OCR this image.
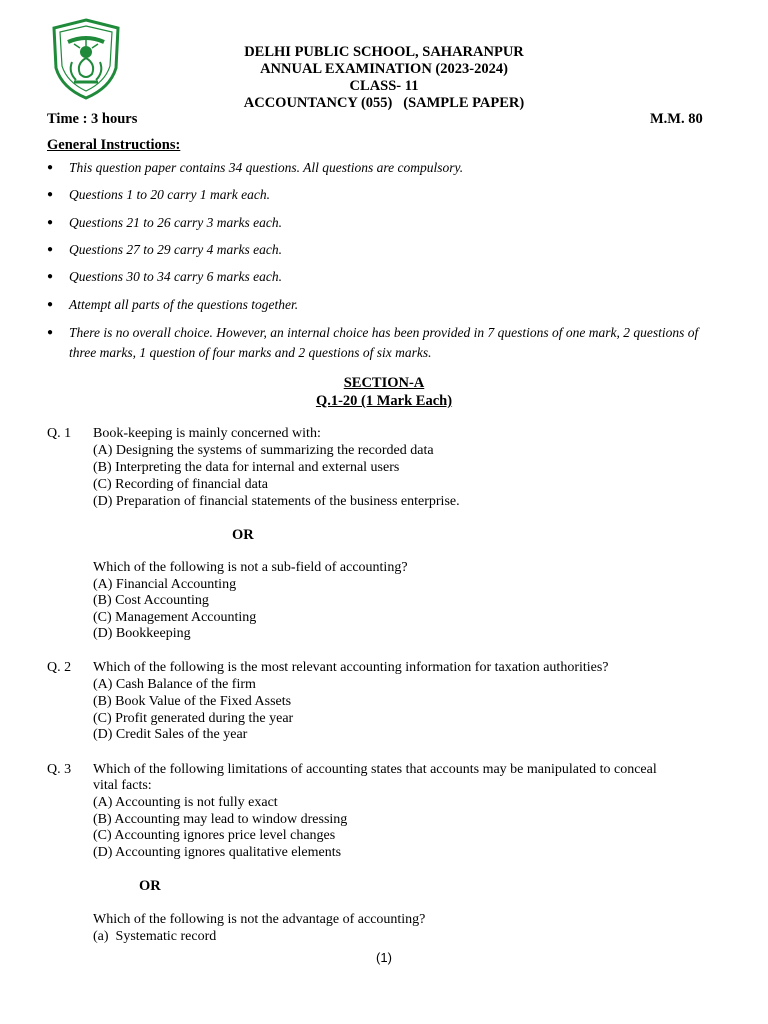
DELHI PUBLIC SCHOOL, SAHARANPUR
ANNUAL EXAMINATION (2023-2024)
CLASS- 11
ACCOUNTANCY (055)   (SAMPLE PAPER)
Time : 3 hours	M.M. 80
General Instructions:
● This question paper contains 34 questions. All questions are compulsory.
● Questions 1 to 20 carry 1 mark each.
● Questions 21 to 26 carry 3 marks each.
● Questions 27 to 29 carry 4 marks each.
● Questions 30 to 34 carry 6 marks each.
● Attempt all parts of the questions together.
● There is no overall choice. However, an internal choice has been provided in 7 questions of one mark, 2 questions of three marks, 1 question of four marks and 2 questions of six marks.
SECTION-A
Q.1-20 (1 Mark Each)
Q. 1 Book-keeping is mainly concerned with:
(A) Designing the systems of summarizing the recorded data
(B) Interpreting the data for internal and external users
(C) Recording of financial data
(D) Preparation of financial statements of the business enterprise.
OR
Which of the following is not a sub-field of accounting?
(A) Financial Accounting
(B) Cost Accounting
(C) Management Accounting
(D) Bookkeeping
Q. 2 Which of the following is the most relevant accounting information for taxation authorities?
(A) Cash Balance of the firm
(B) Book Value of the Fixed Assets
(C) Profit generated during the year
(D) Credit Sales of the year
Q. 3 Which of the following limitations of accounting states that accounts may be manipulated to conceal
vital facts:
(A) Accounting is not fully exact
(B) Accounting may lead to window dressing
(C) Accounting ignores price level changes
(D) Accounting ignores qualitative elements
OR
Which of the following is not the advantage of accounting?
(a)  Systematic record
(1)
